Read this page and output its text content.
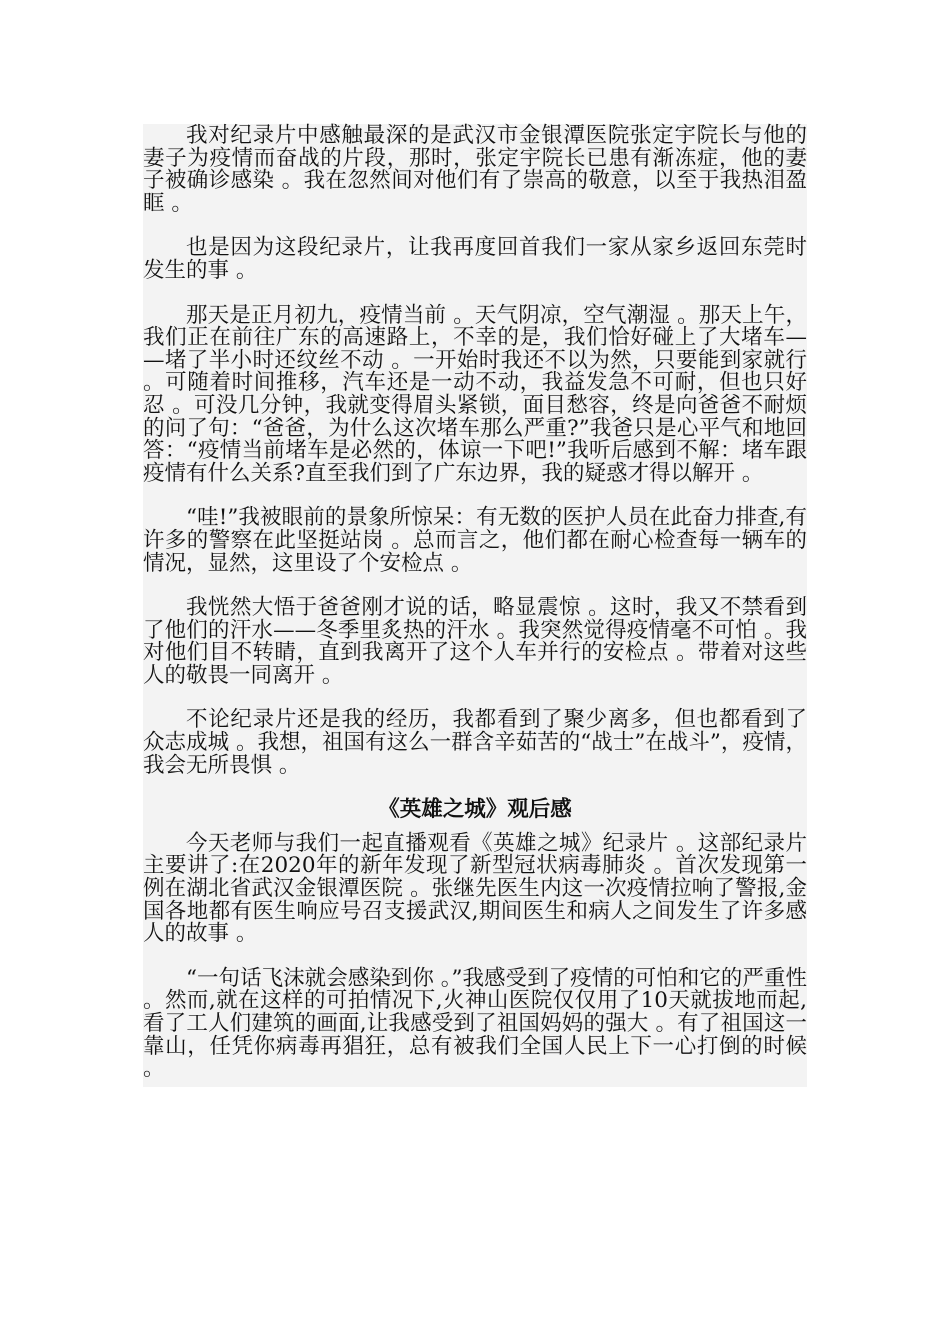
我对纪录片中感触最深的是武汉市金银潭医院张定宇院长与他的妻子为疫情而奋战的片段，那时，张定宇院长已患有渐冻症，他的妻子被确诊感染 。我在忽然间对他们有了崇高的敬意，以至于我热泪盈眶 。

也是因为这段纪录片，让我再度回首我们一家从家乡返回东莞时发生的事 。

那天是正月初九，疫情当前 。天气阴凉，空气潮湿 。那天上午，我们正在前往广东的高速路上，不幸的是，我们恰好碰上了大堵车——堵了半小时还纹丝不动 。一开始时我还不以为然，只要能到家就行 。可随着时间推移，汽车还是一动不动，我益发急不可耐，但也只好忍 。可没几分钟，我就变得眉头紧锁，面目愁容，终是向爸爸不耐烦的问了句：“爸爸，为什么这次堵车那么严重?”我爸只是心平气和地回答：“疫情当前堵车是必然的，体谅一下吧!”我听后感到不解：堵车跟疫情有什么关系?直至我们到了广东边界，我的疑惑才得以解开 。

“哇!”我被眼前的景象所惊呆：有无数的医护人员在此奋力排查,有许多的警察在此坚挺站岗 。总而言之，他们都在耐心检查每一辆车的情况，显然，这里设了个安检点 。

我恍然大悟于爸爸刚才说的话，略显震惊 。这时，我又不禁看到了他们的汗水——冬季里炙热的汗水 。我突然觉得疫情毫不可怕 。我对他们目不转睛，直到我离开了这个人车并行的安检点 。带着对这些人的敬畏一同离开 。

不论纪录片还是我的经历，我都看到了聚少离多，但也都看到了众志成城 。我想，祖国有这么一群含辛茹苦的“战士”在战斗”，疫情，我会无所畏惧 。

《英雄之城》观后感

今天老师与我们一起直播观看《英雄之城》纪录片 。这部纪录片主要讲了:在2020年的新年发现了新型冠状病毒肺炎 。首次发现第一例在湖北省武汉金银潭医院 。张继先医生内这一次疫情拉响了警报,金国各地都有医生响应号召支援武汉,期间医生和病人之间发生了许多感人的故事 。

“一句话飞沫就会感染到你 。”我感受到了疫情的可怕和它的严重性 。然而,就在这样的可拍情况下,火神山医院仅仅用了10天就拔地而起,看了工人们建筑的画面,让我感受到了祖国妈妈的强大 。有了祖国这一靠山，任凭你病毒再猖狂，总有被我们全国人民上下一心打倒的时候 。
